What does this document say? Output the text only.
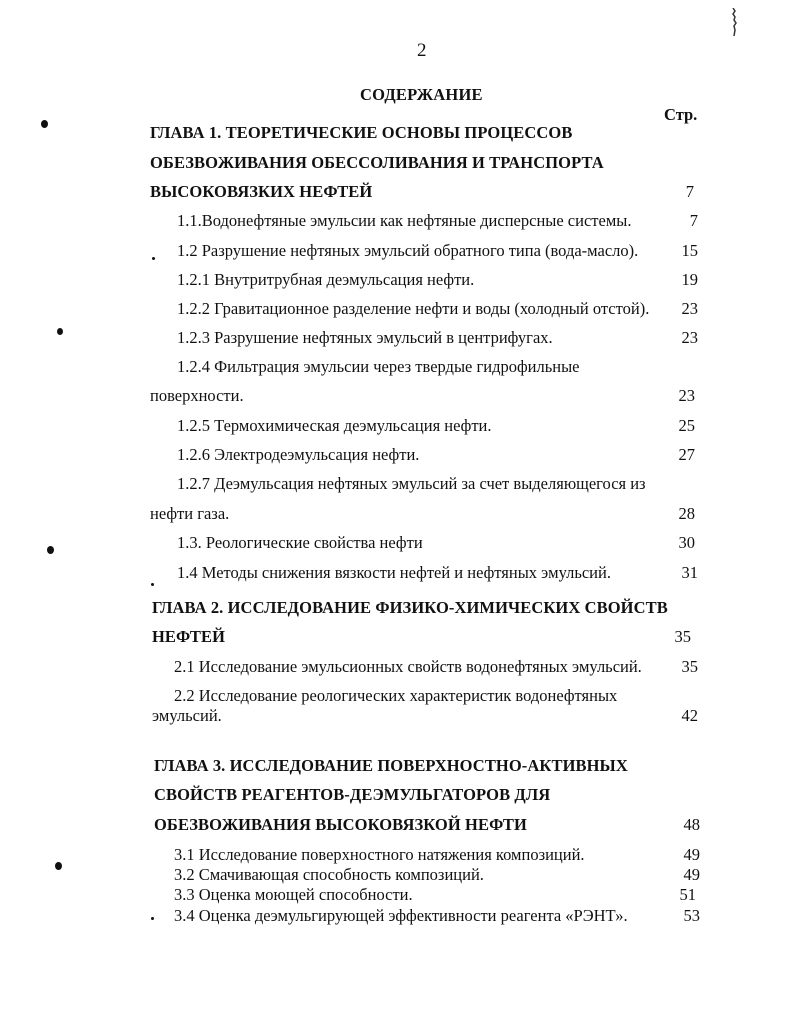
2
СОДЕРЖАНИЕ
Стр.
ГЛАВА 1. ТЕОРЕТИЧЕСКИЕ ОСНОВЫ ПРОЦЕССОВ
ОБЕЗВОЖИВАНИЯ ОБЕССОЛИВАНИЯ И ТРАНСПОРТА
ВЫСОКОВЯЗКИХ НЕФТЕЙ	7
1.1.Водонефтяные эмульсии как нефтяные дисперсные системы.	7
1.2 Разрушение нефтяных эмульсий обратного типа (вода-масло).	15
1.2.1 Внутритрубная деэмульсация нефти.	19
1.2.2 Гравитационное разделение нефти и воды (холодный отстой).	23
1.2.3 Разрушение нефтяных эмульсий в центрифугах.	23
1.2.4 Фильтрация эмульсии через твердые гидрофильные
поверхности.	23
1.2.5 Термохимическая деэмульсация нефти.	25
1.2.6 Электродеэмульсация нефти.	27
1.2.7 Деэмульсация нефтяных эмульсий за счет выделяющегося из
нефти газа.	28
1.3. Реологические свойства нефти	30
1.4 Методы снижения вязкости нефтей и нефтяных эмульсий.	31
ГЛАВА 2. ИССЛЕДОВАНИЕ ФИЗИКО-ХИМИЧЕСКИХ СВОЙСТВ
НЕФТЕЙ	35
2.1 Исследование эмульсионных свойств водонефтяных эмульсий.	35
2.2 Исследование реологических характеристик водонефтяных
эмульсий.	42
ГЛАВА 3. ИССЛЕДОВАНИЕ ПОВЕРХНОСТНО-АКТИВНЫХ
СВОЙСТВ РЕАГЕНТОВ-ДЕЭМУЛЬГАТОРОВ ДЛЯ
ОБЕЗВОЖИВАНИЯ ВЫСОКОВЯЗКОЙ НЕФТИ	48
3.1 Исследование поверхностного натяжения композиций.	49
3.2 Смачивающая способность композиций.	49
3.3 Оценка моющей способности.	51
3.4 Оценка деэмульгирующей эффективности реагента «РЭНТ».	53
